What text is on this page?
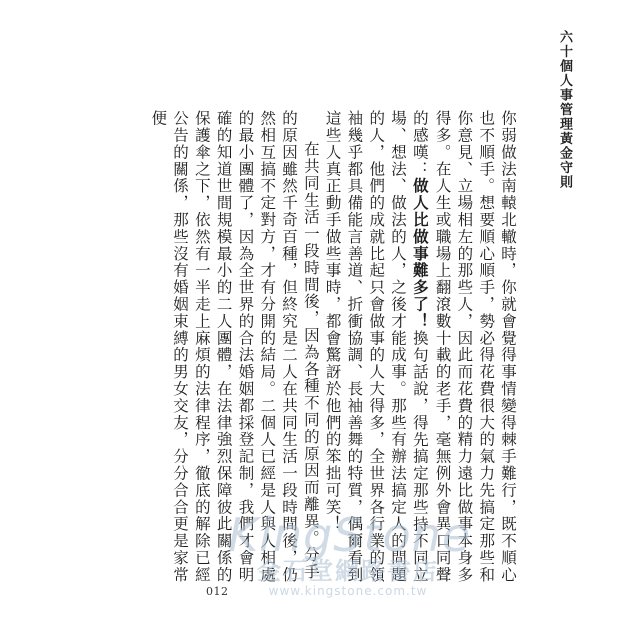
六十個人事管理黃金守則

你弱做法南轅北轍時，你就會覺得事情變得棘手難行，既不順心也不順手。想要順心順手，勢必得花費很大的氣力先搞定那些和你意見、立場相左的那些人，因此而花費的精力遠比做事本身多得多。在人生或職場上翻滾數十載的老手，毫無例外會異口同聲的感嘆：做人比做事難多了！換句話說，得先搞定那些持不同立場、想法、做法的人，之後才能成事。那些有辦法搞定人的問題的人，他們的成就比起只會做事的人大得多，全世界各行業的領袖幾乎都具備能言善道、折衝協調、長袖善舞的特質，偶爾看到這些人真正動手做些事時，都會驚訝於他們的笨拙可笑！

在共同生活一段時間後，因為各種不同的原因而離異。分手的原因雖然千奇百種，但終究是二人在共同生活一段時間後，仍然相互搞不定對方，才有分開的結局。二個人已經是人與人相處的最小團體了，因為全世界的合法婚姻都採登記制，我們才會明確的知道世間規模最小的二人團體，在法律強烈保障彼此關係的保護傘之下，依然有一半走上麻煩的法律程序，徹底的解除已經公告的關係，那些沒有婚姻束縛的男女交友，分分合合更是家常便

012
KingStone
金石堂網路書店
www.kingstone.com.tw
